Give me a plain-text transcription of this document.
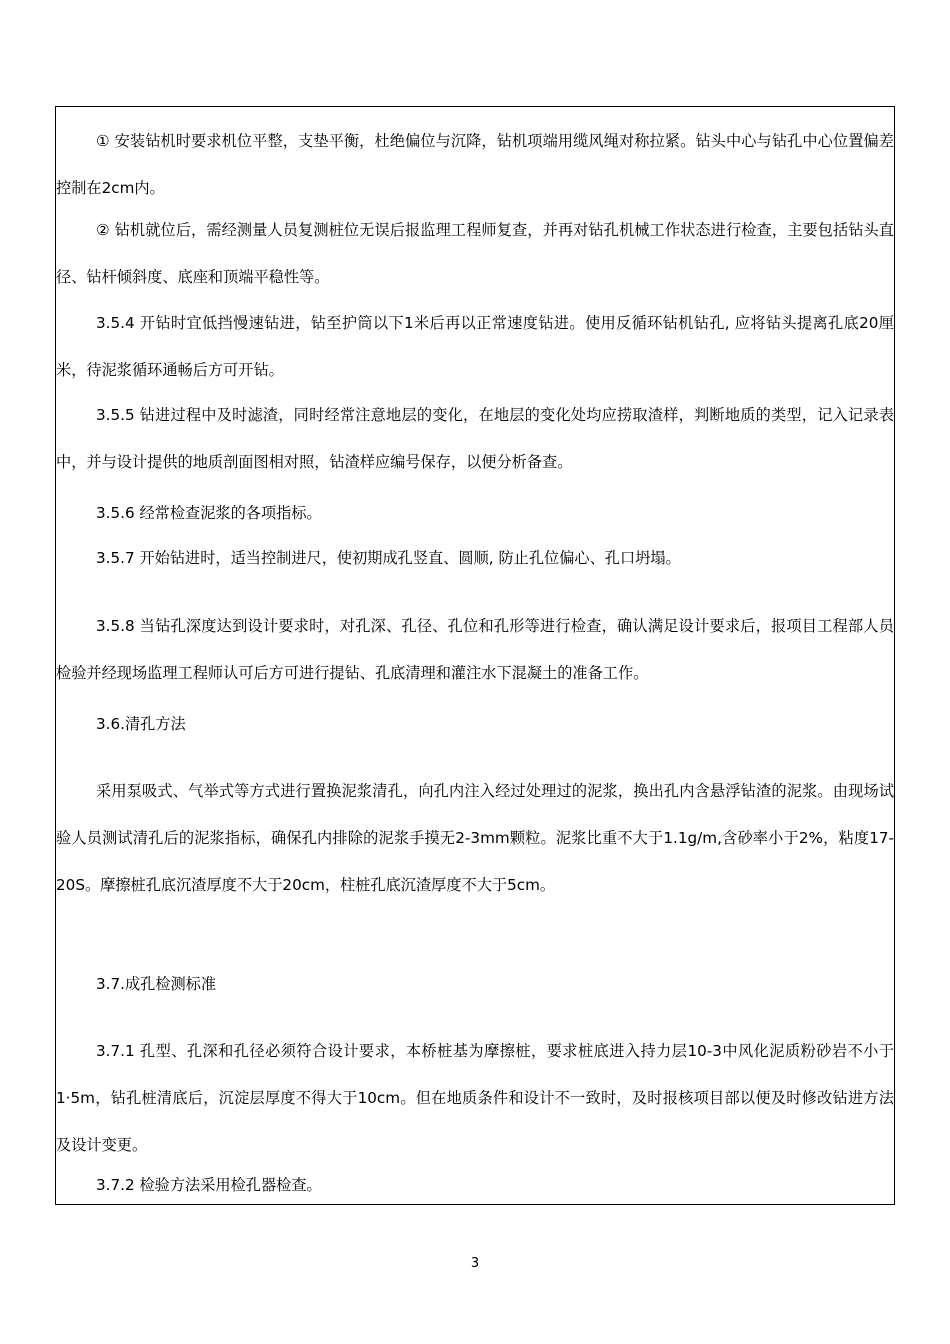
① 安装钻机时要求机位平整，支垫平衡，杜绝偏位与沉降，钻机项端用缆风绳对称拉紧。钻头中心与钻孔中心位置偏差控制在2cm内。

② 钻机就位后，需经测量人员复测桩位无误后报监理工程师复查，并再对钻孔机械工作状态进行检查，主要包括钻头直径、钻杆倾斜度、底座和顶端平稳性等。

3.5.4 开钻时宜低挡慢速钻进，钻至护筒以下1米后再以正常速度钻进。使用反循环钻机钻孔, 应将钻头提离孔底20厘米，待泥浆循环通畅后方可开钻。

3.5.5 钻进过程中及时滤渣，同时经常注意地层的变化，在地层的变化处均应捞取渣样，判断地质的类型，记入记录表中，并与设计提供的地质剖面图相对照，钻渣样应编号保存，以便分析备查。

3.5.6 经常检查泥浆的各项指标。

3.5.7 开始钻进时，适当控制进尺，使初期成孔竖直、圆顺, 防止孔位偏心、孔口坍塌。

3.5.8 当钻孔深度达到设计要求时，对孔深、孔径、孔位和孔形等进行检查，确认满足设计要求后，报项目工程部人员检验并经现场监理工程师认可后方可进行提钻、孔底清理和灌注水下混凝土的准备工作。

3.6.清孔方法

采用泵吸式、气举式等方式进行置换泥浆清孔，向孔内注入经过处理过的泥浆，换出孔内含悬浮钻渣的泥浆。由现场试验人员测试清孔后的泥浆指标，确保孔内排除的泥浆手摸无2-3mm颗粒。泥浆比重不大于1.1g/m,含砂率小于2%，粘度17-20S。摩擦桩孔底沉渣厚度不大于20cm，柱桩孔底沉渣厚度不大于5cm。

3.7.成孔检测标准

3.7.1 孔型、孔深和孔径必须符合设计要求，本桥桩基为摩擦桩，要求桩底进入持力层10-3中风化泥质粉砂岩不小于1·5m，钻孔桩清底后，沉淀层厚度不得大于10cm。但在地质条件和设计不一致时，及时报核项目部以便及时修改钻进方法及设计变更。

3.7.2 检验方法采用检孔器检查。

3
